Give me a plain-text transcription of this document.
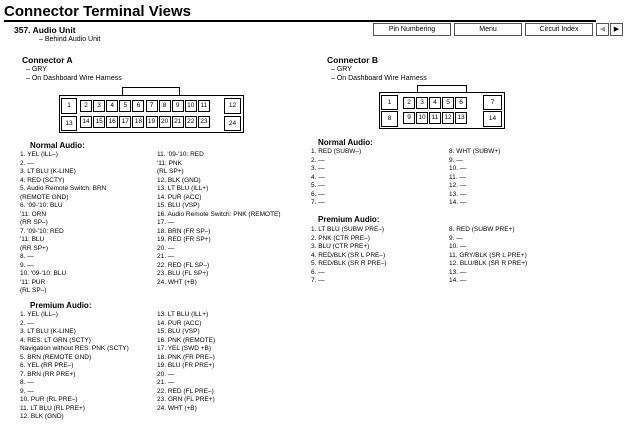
Connector Terminal Views
Pin Numbering	Menu	Circuit Index	◀	▶
357. Audio Unit
– Behind Audio Unit
Connector A
– GRY
– On Dashboard Wire Harness
1	2	3	4	5	6	7	8	9	10 11	12
13	14 15 16 17 18 19 20 21 22 23	24
Connector B
– GRY
– On Dashboard Wire Harness
1	2	3	4	5	6	7
8	9	10 11 12 13	14
Normal Audio:
1. YEL (ILL–)
2. —
3. LT BLU (K-LINE)
4. RED (SCTY)
5. Audio Remote Switch: BRN
(REMOTE GND)
6. '09-'10: BLU
'11: ORN
(RR SP–)
7. '09-'10: RED
'11: BLU
(RR SP+)
8. —
9. —
10. '09-'10: BLU
'11: PUR
(RL SP–)
11. '09-'10: RED
'11: PNK
(RL SP+)
12. BLK (GND)
13. LT BLU (ILL+)
14. PUR (ACC)
15. BLU (VSP)
16. Audio Remote Switch: PNK (REMOTE)
17. —
18. BRN (FR SP–)
19. RED (FR SP+)
20. —
21. —
22. RED (FL SP–)
23. BLU (FL SP+)
24. WHT (+B)
Premium Audio:
1. YEL (ILL–)
2. —
3. LT BLU (K-LINE)
4. RES: LT GRN (SCTY)
Navigation without RES: PNK (SCTY)
5. BRN (REMOTE GND)
6. YEL (RR PRE–)
7. BRN (RR PRE+)
8. —
9. —
10. PUR (RL PRE–)
11. LT BLU (RL PRE+)
12. BLK (GND)
13. LT BLU (ILL+)
14. PUR (ACC)
15. BLU (VSP)
16. PNK (REMOTE)
17. YEL (SWD +B)
18. PNK (FR PRE–)
19. BLU (FR PRE+)
20. —
21. —
22. RED (FL PRE–)
23. GRN (FL PRE+)
24. WHT (+B)
Normal Audio:
1. RED (SUBW–)
2. —
3. —
4. —
5. —
6. —
7. —
8. WHT (SUBW+)
9. —
10. —
11. —
12. —
13. —
14. —
Premium Audio:
1. LT BLU (SUBW PRE–)
2. PNK (CTR PRE–)
3. BLU (CTR PRE+)
4. RED/BLK (SR L PRE–)
5. RED/BLK (SR R PRE–)
6. —
7. —
8. RED (SUBW PRE+)
9. —
10. —
11. GRY/BLK (SR L PRE+)
12. BLU/BLK (SR R PRE+)
13. —
14. —
